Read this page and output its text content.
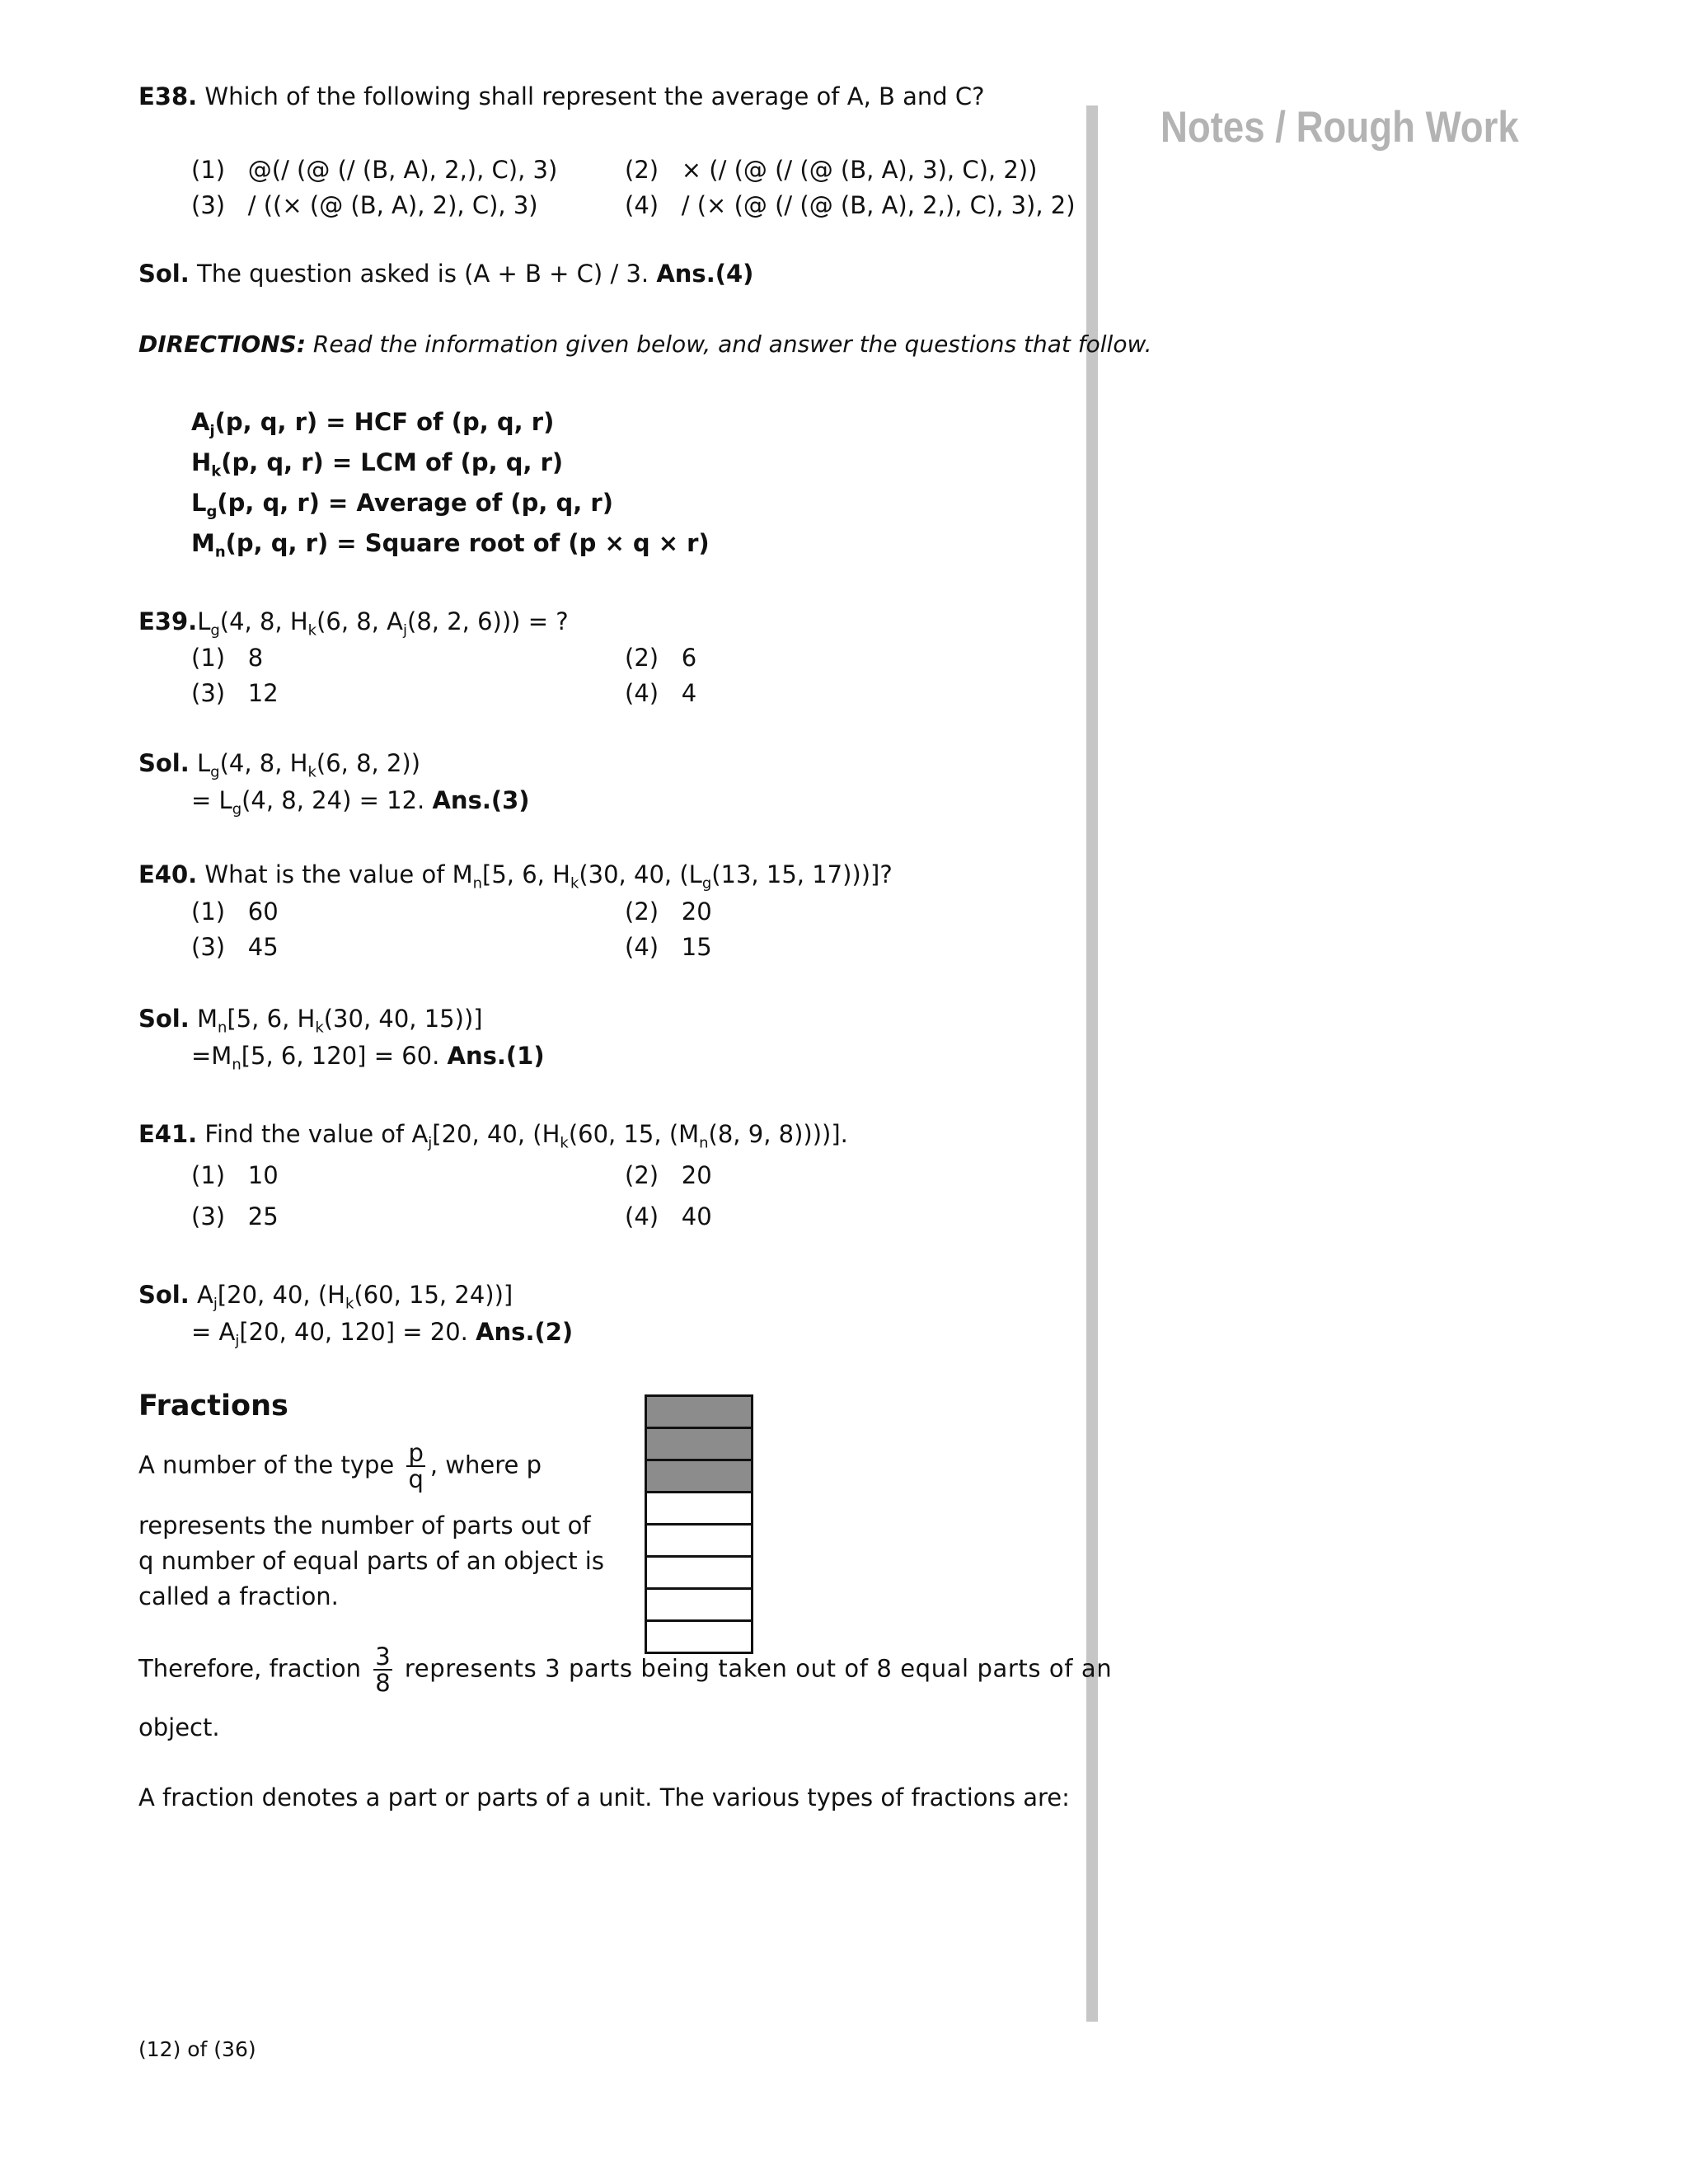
Notes / Rough Work
E38. Which of the following shall represent the average of A, B and C?
(1) @(/ (@ (/ (B, A), 2,), C), 3)	(2) × (/ (@ (/ (@ (B, A), 3), C), 2))
(3) / ((× (@ (B, A), 2), C), 3)	(4) / (× (@ (/ (@ (B, A), 2,), C), 3), 2)
Sol. The question asked is (A + B + C) / 3. Ans.(4)
DIRECTIONS: Read the information given below, and answer the questions that follow.
$A_j(p$, q, r) = HCF of (p, q, r)
$H_k(p$, q, r) = LCM of (p, q, r)
$L_g(p$, q, r) = Average of (p, q, r)
$M_n(p$, q, r) = Square root of (p × q × r)
$E39.L_g(4$, 8, $H_k(6$, 8, $A_j(8$, 2, 6))) = ?
(1) 8	(2) 6
(3) 12	(4) 4
Sol. $L_g(4$, 8, $H_k(6$, 8, 2))
= $L_g(4$, 8, 24) = 12. Ans.(3)
E40. What is the value of $M_n[5$, 6, $H_k(30$, 40, ($L_g(13$, 15, 17)))]?
(1) 60	(2) 20
(3) 45	(4) 15
Sol. $M_n[5$, 6, $H_k(30$, 40, 15))]
$=M_n[5$, 6, 120] = 60. Ans.(1)
E41. Find the value of $A_j[20$, 40, ($H_k(60$, 15, ($M_n(8$, 9, 8))))].
(1) 10	(2) 20
(3) 25	(4) 40
Sol. $A_j[20$, 40, ($H_k(60$, 15, 24))]
= $A_j[20$, 40, 120] = 20. Ans.(2)
Fractions
A number of the type $\frac{p}{q}$ , where p
represents the number of parts out of
q number of equal parts of an object is
called a fraction.
Therefore, fraction $\frac{3}{8}$ represents 3 parts being taken out of 8 equal parts of an
object.
A fraction denotes a part or parts of a unit. The various types of fractions are:
(12) of (36)
